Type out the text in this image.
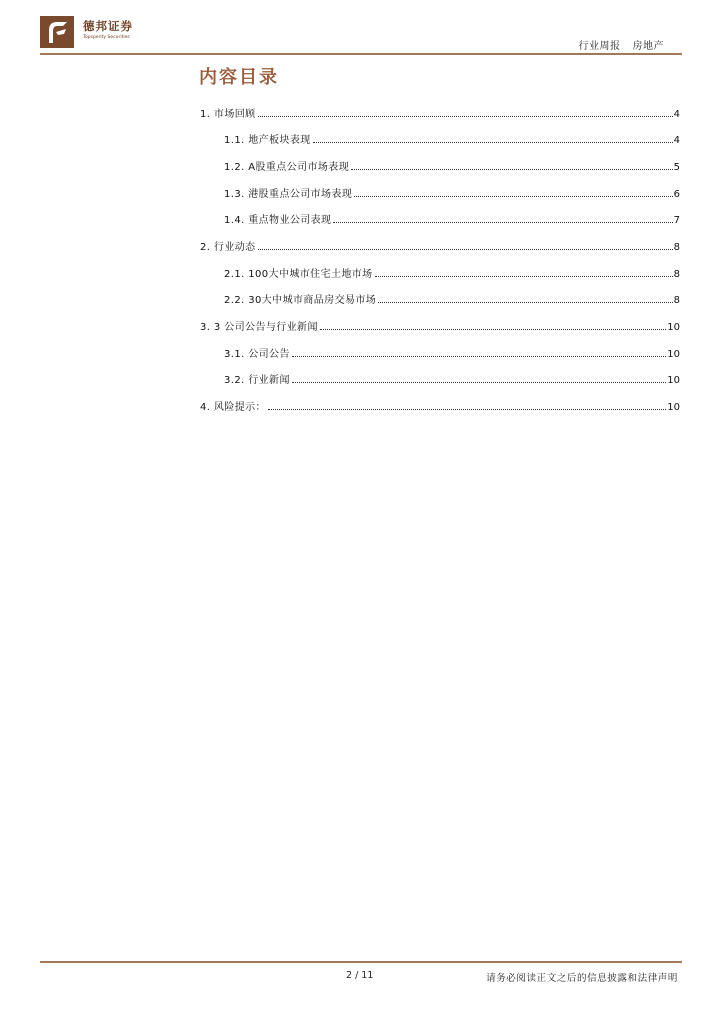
德邦证券
Topsperity Securities
行业周报 房地产
内容目录
1. 市场回顾	4
1.1. 地产板块表现	4
1.2. A股重点公司市场表现	5
1.3. 港股重点公司市场表现	6
1.4. 重点物业公司表现	7
2. 行业动态	8
2.1. 100大中城市住宅土地市场	8
2.2. 30大中城市商品房交易市场	8
3. 3 公司公告与行业新闻	10
3.1. 公司公告	10
3.2. 行业新闻	10
4. 风险提示：	10
2 / 11	请务必阅读正文之后的信息披露和法律声明
